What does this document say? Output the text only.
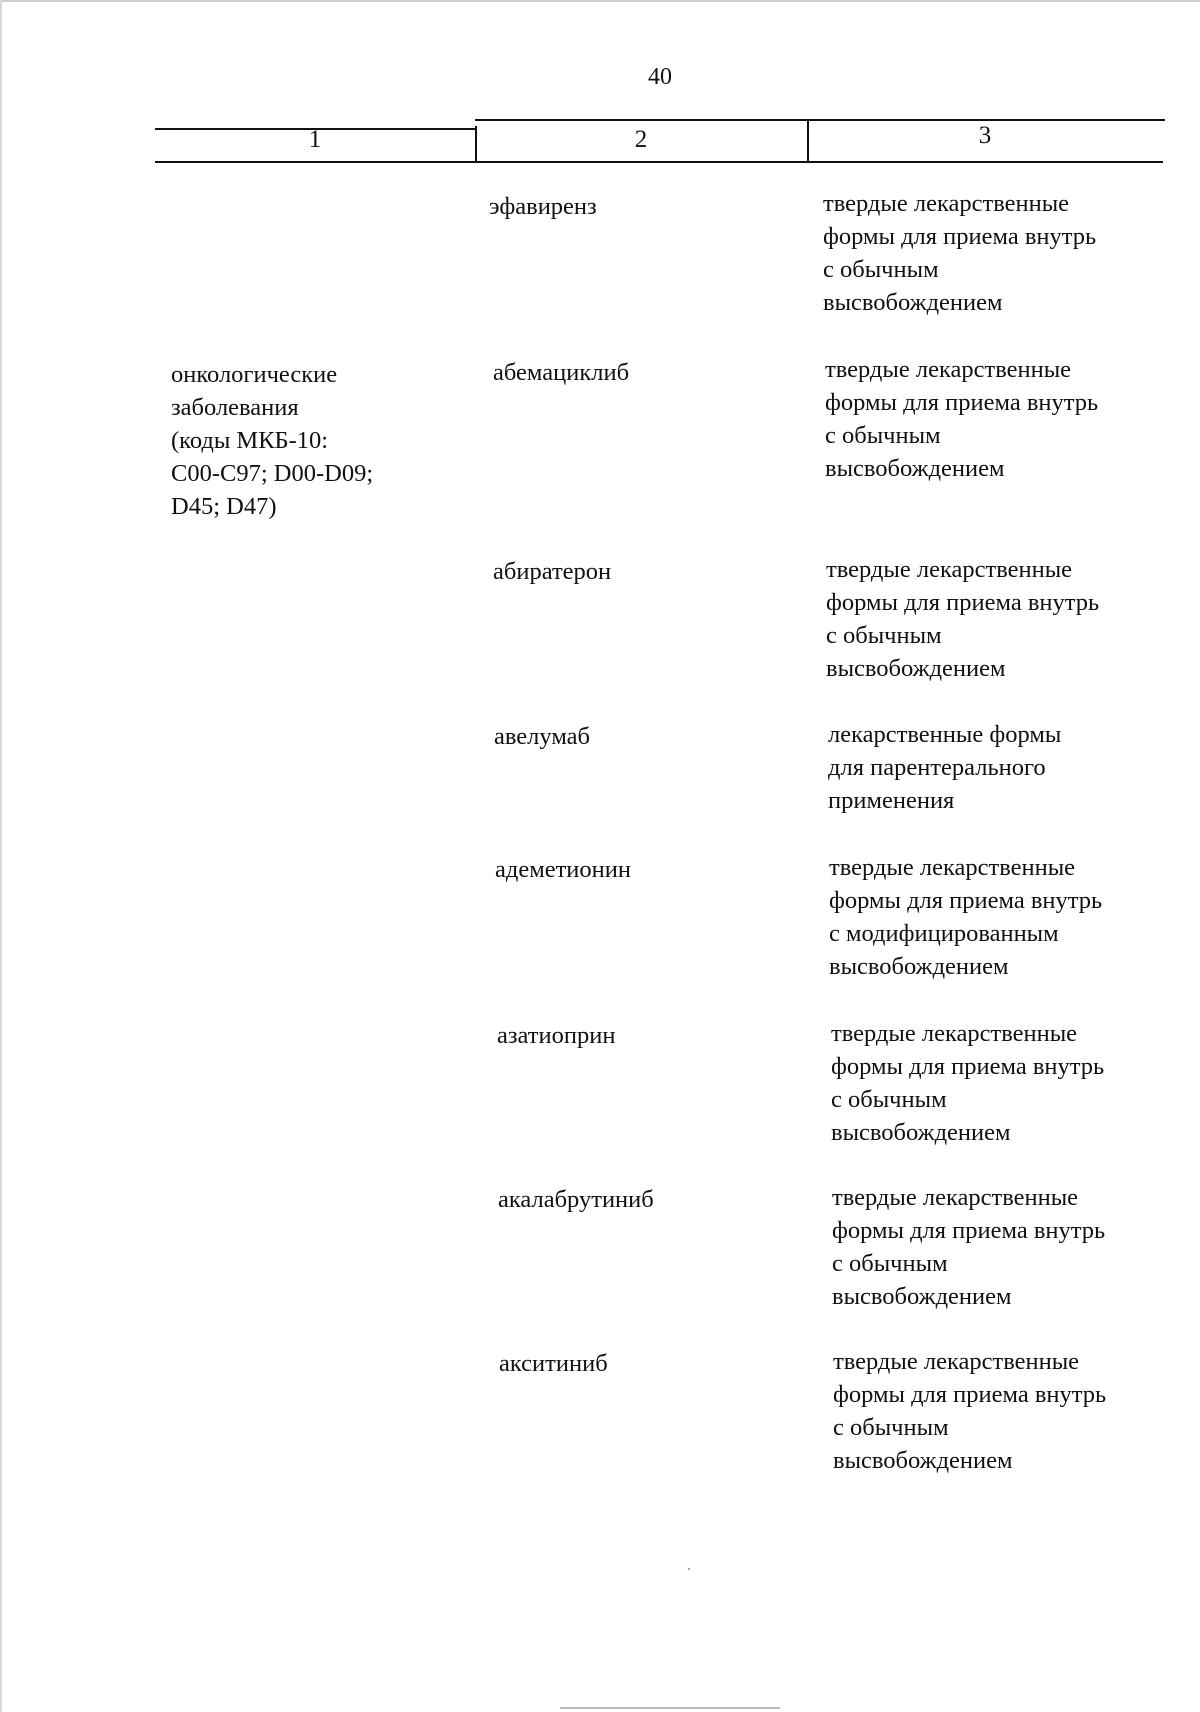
40
1	2	3
онкологические
заболевания
(коды МКБ-10:
C00-C97; D00-D09;
D45; D47)
эфавиренз	твердые лекарственные
формы для приема внутрь
с обычным
высвобождением
абемациклиб	твердые лекарственные
формы для приема внутрь
с обычным
высвобождением
абиратерон	твердые лекарственные
формы для приема внутрь
с обычным
высвобождением
авелумаб	лекарственные формы
для парентерального
применения
адеметионин	твердые лекарственные
формы для приема внутрь
с модифицированным
высвобождением
азатиоприн	твердые лекарственные
формы для приема внутрь
с обычным
высвобождением
акалабрутиниб	твердые лекарственные
формы для приема внутрь
с обычным
высвобождением
акситиниб	твердые лекарственные
формы для приема внутрь
с обычным
высвобождением
